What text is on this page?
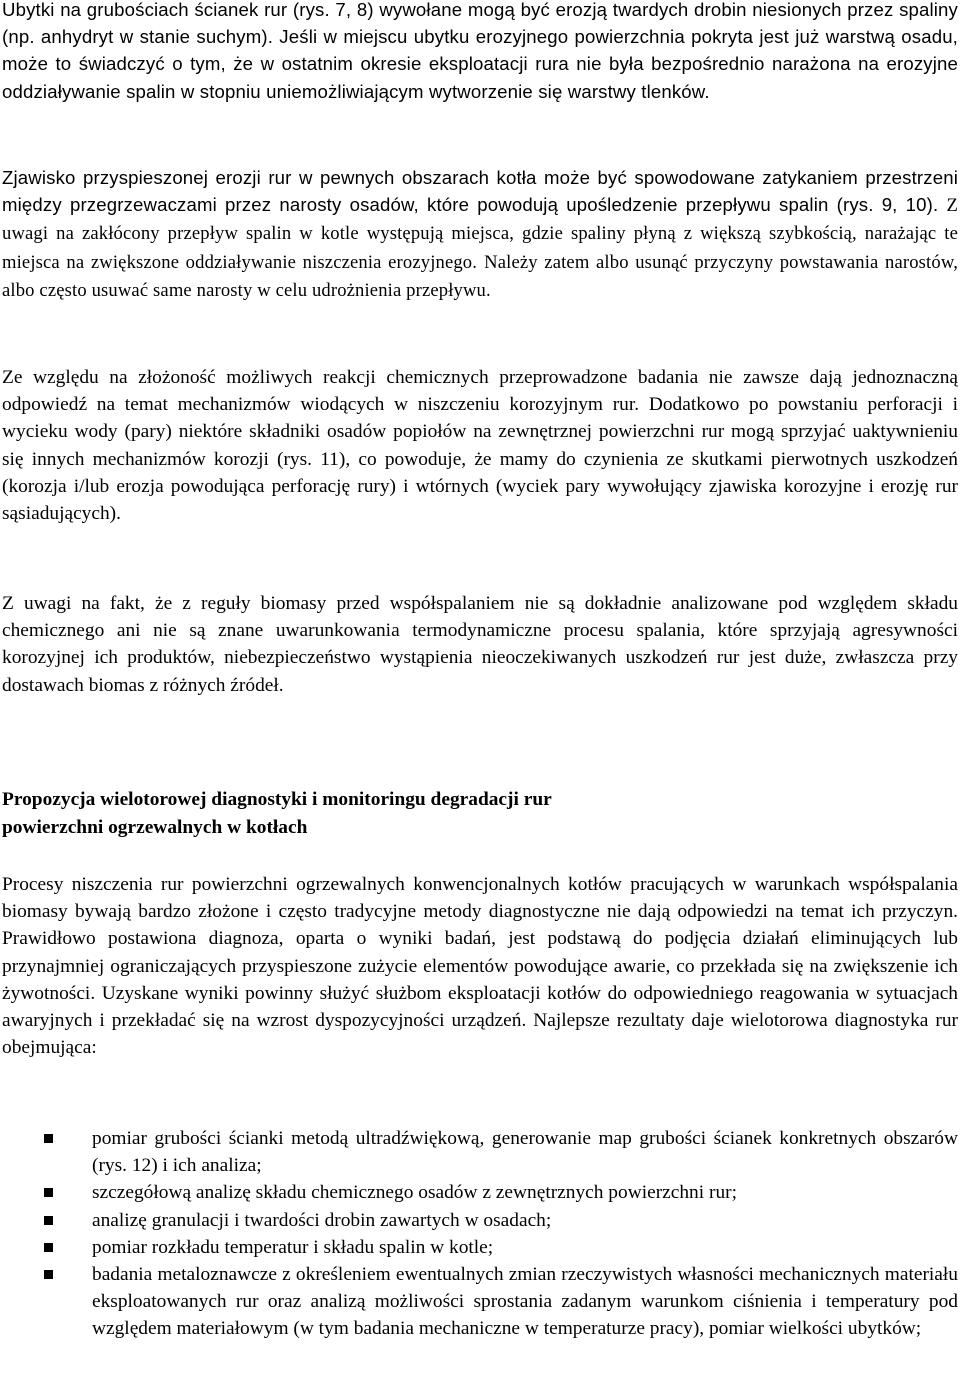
Ubytki na grubościach ścianek rur (rys. 7, 8) wywołane mogą być erozją twardych drobin niesionych przez spaliny (np. anhydryt w stanie suchym). Jeśli w miejscu ubytku erozyjnego powierzchnia pokryta jest już warstwą osadu, może to świadczyć o tym, że w ostatnim okresie eksploatacji rura nie była bezpośrednio narażona na erozyjne oddziaływanie spalin w stopniu uniemożliwiającym wytworzenie się warstwy tlenków.

Zjawisko przyspieszonej erozji rur w pewnych obszarach kotła może być spowodowane zatykaniem przestrzeni między przegrzewaczami przez narosty osadów, które powodują upośledzenie przepływu spalin (rys. 9, 10). Z uwagi na zakłócony przepływ spalin w kotle występują miejsca, gdzie spaliny płyną z większą szybkością, narażając te miejsca na zwiększone oddziaływanie niszczenia erozyjnego. Należy zatem albo usunąć przyczyny powstawania narostów, albo często usuwać same narosty w celu udrożnienia przepływu.

Ze względu na złożoność możliwych reakcji chemicznych przeprowadzone badania nie zawsze dają jednoznaczną odpowiedź na temat mechanizmów wiodących w niszczeniu korozyjnym rur. Dodatkowo po powstaniu perforacji i wycieku wody (pary) niektóre składniki osadów popiołów na zewnętrznej powierzchni rur mogą sprzyjać uaktywnieniu się innych mechanizmów korozji (rys. 11), co powoduje, że mamy do czynienia ze skutkami pierwotnych uszkodzeń (korozja i/lub erozja powodująca perforację rury) i wtórnych (wyciek pary wywołujący zjawiska korozyjne i erozję rur sąsiadujących).

Z uwagi na fakt, że z reguły biomasy przed współspalaniem nie są dokładnie analizowane pod względem składu chemicznego ani nie są znane uwarunkowania termodynamiczne procesu spalania, które sprzyjają agresywności korozyjnej ich produktów, niebezpieczeństwo wystąpienia nieoczekiwanych uszkodzeń rur jest duże, zwłaszcza przy dostawach biomas z różnych źródeł.

Propozycja wielotorowej diagnostyki i monitoringu degradacji rur
powierzchni ogrzewalnych w kotłach

Procesy niszczenia rur powierzchni ogrzewalnych konwencjonalnych kotłów pracujących w warunkach współspalania biomasy bywają bardzo złożone i często tradycyjne metody diagnostyczne nie dają odpowiedzi na temat ich przyczyn. Prawidłowo postawiona diagnoza, oparta o wyniki badań, jest podstawą do podjęcia działań eliminujących lub przynajmniej ograniczających przyspieszone zużycie elementów powodujące awarie, co przekłada się na zwiększenie ich żywotności. Uzyskane wyniki powinny służyć służbom eksploatacji kotłów do odpowiedniego reagowania w sytuacjach awaryjnych i przekładać się na wzrost dyspozycyjności urządzeń. Najlepsze rezultaty daje wielotorowa diagnostyka rur obejmująca:

pomiar grubości ścianki metodą ultradźwiękową, generowanie map grubości ścianek konkretnych obszarów (rys. 12) i ich analiza;
szczegółową analizę składu chemicznego osadów z zewnętrznych powierzchni rur;
analizę granulacji i twardości drobin zawartych w osadach;
pomiar rozkładu temperatur i składu spalin w kotle;
badania metaloznawcze z określeniem ewentualnych zmian rzeczywistych własności mechanicznych materiału eksploatowanych rur oraz analizą możliwości sprostania zadanym warunkom ciśnienia i temperatury pod względem materiałowym (w tym badania mechaniczne w temperaturze pracy), pomiar wielkości ubytków;
